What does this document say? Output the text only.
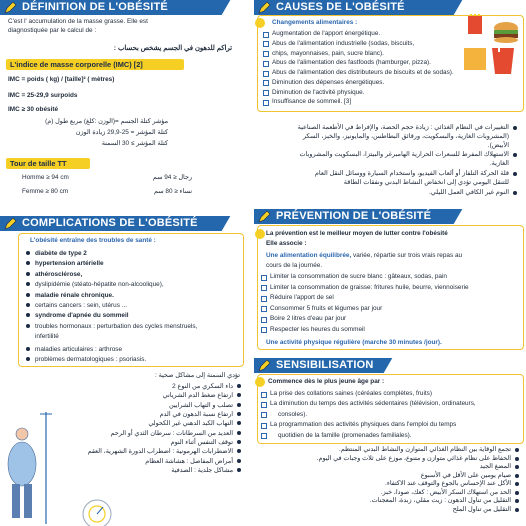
DÉFINITION DE L'OBÉSITÉ
C'est l' accumulation de la masse grasse. Elle est
diagnostiquée par le calcul de :
تراكم للدهون في الجسم يشخص بحساب :
L'indice de masse corporelle (IMC) [2]
IMC = poids ( kg) / [taille]² ( mètres)
IMC = 25-29,9 surpoids
IMC ≥ 30 obésité
مؤشر كتلة الجسم =(الوزن :كلغ) مربع طول (م)
كتلة المؤشر = 25-29,9 زيادة الوزن
كتلة المؤشر ≥ 30 السمنة
Tour de taille TT
Homme ≥ 94 cm
Femme ≥ 80 cm
رجال ≤ 94 سم
نساء ≤ 80 سم
COMPLICATIONS DE L'OBÉSITÉ
L'obésité entraîne des troubles de santé :
diabète de type 2
hypertension artérielle
athérosclérose,
dyslipidémie (stéato-hépatite non-alcoolique),
maladie rénale chronique.
certains cancers : sein, utérus ...
syndrome d'apnée du sommeil
troubles hormonaux : perturbation des cycles menstruels,
infertilité
maladies articulaires : arthrose
problèmes dermatologiques : psoriasis.
تؤدي السمنة إلى مشاكل صحية :
داء السكري من النوع 2
ارتفاع ضغط الدم الشرياني
تصلب و التهاب الشرايين
ارتفاع نسبة الدهون في الدم
التهاب الكبد الدهني غير الكحولي
العديد من السرطانات : سرطان الثدي أو الرحم
توقف التنفس أثناء النوم
الاضطرابات الهرمونية : اضطراب الدورة الشهرية، العقم
أمراض المفاصل : هشاشة العظام
مشاكل جلدية : الصدفية
CAUSES DE L'OBÉSITÉ
Changements alimentaires :
Augmentation de l'apport énergétique.
Abus de l'alimentation industrielle (sodas, biscuits,
chips, mayonnaises, pain, sucre blanc).
Abus de l'alimentation des fastfoods (hamburger, pizza).
Abus de l'alimentation des distributeurs de biscuits et de sodas).
Diminution des dépenses énergétiques.
Diminution de l'activité physique.
Insuffisance de sommeil. [3]
التغييرات في النظام الغذائي : زيادة حجم الحصة، والإفراط في الأطعمة الصناعية
(المشروبات الغازية، والبسكويت، ورقائق البطاطس، والمايونيز، والخبز، السكر
الأبيض).
الاستهلاك المفرط للسعرات الحرارية الهامبرغر والبيتزا، البسكويت والمشروبات
الغازية.
قلة الحركة التلفاز أو ألعاب الفيديو، واستخدام السيارة ووسائل النقل العام
للتنقل اليومي تؤدي إلى انخفاض النشاط البدني ونفقات الطاقة
النوم غير الكافي العمل الليلي.
PRÉVENTION DE L'OBÉSITÉ
La prévention est le meilleur moyen de lutter contre l'obésité
Elle associe :
Une alimentation équilibrée, variée, répartie sur trois vrais repas au
cours de la journée.
Limiter la consommation de sucre blanc : gâteaux, sodas, pain
Limiter la consommation de graisse: fritures huile, beurre, viennoiserie
Réduire l'apport de sel
Consommer 5 fruits et légumes par jour
Boire 2 litres d'eau par jour
Respecter les heures du sommeil
Une activité physique régulière (marche 30 minutes /jour).
SENSIBILISATION
Commence dès le plus jeune âge par :
La prise des collations saines (céréales complètes, fruits)
La diminution du temps des activités sédentaires (télévision, ordinateurs,
consoles).
La programmation des activités physiques dans l'emploi du temps
quotidien de la famille (promenades familiales).
تجمع الوقاية بين النظام الغذائي المتوازن والنشاط البدني المنتظم.
الحفاظ على نظام غذائي متوازن و متنوع، موزع على ثلاث وجبات في اليوم.
المضغ الجيد
صيام يومين على الأقل في الأسبوع
الأكل عند الإحساس بالجوع والتوقف عند الاكتفاء.
الحد من استهلاك السكر الأبيض : كعك، صودا، خبز.
التقليل من تناول الدهون : زيت مقلي، زبدة، المعجنات.
التقليل من تناول الملح
